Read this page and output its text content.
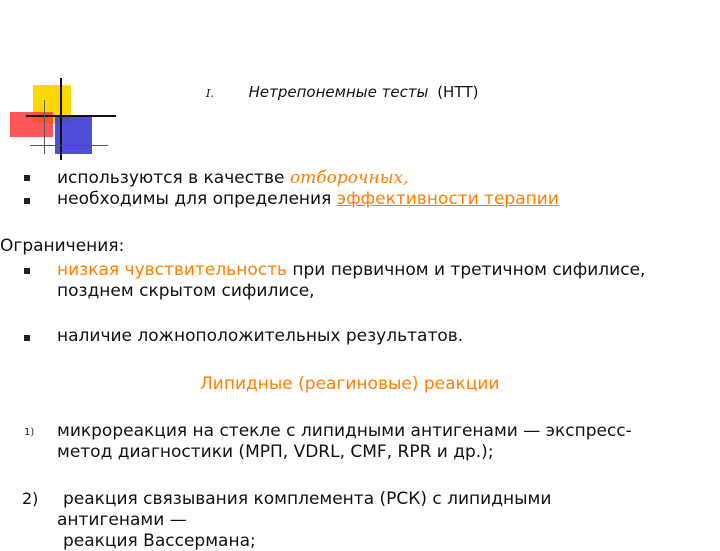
I. Нетрепонемные тесты (НТТ)
используются в качестве отборочных,
необходимы для определения эффективности терапии
Ограничения:
низкая чувствительность при первичном и третичном сифилисе,
позднем скрытом сифилисе,
наличие ложноположительных результатов.
Липидные (реагиновые) реакции
1) микрореакция на стекле с липидными антигенами — экспресс-
метод диагностики (МРП, VDRL, CMF, RPR и др.);
2) реакция связывания комплемента (РСК) с липидными
антигенами —
реакция Вассермана;
